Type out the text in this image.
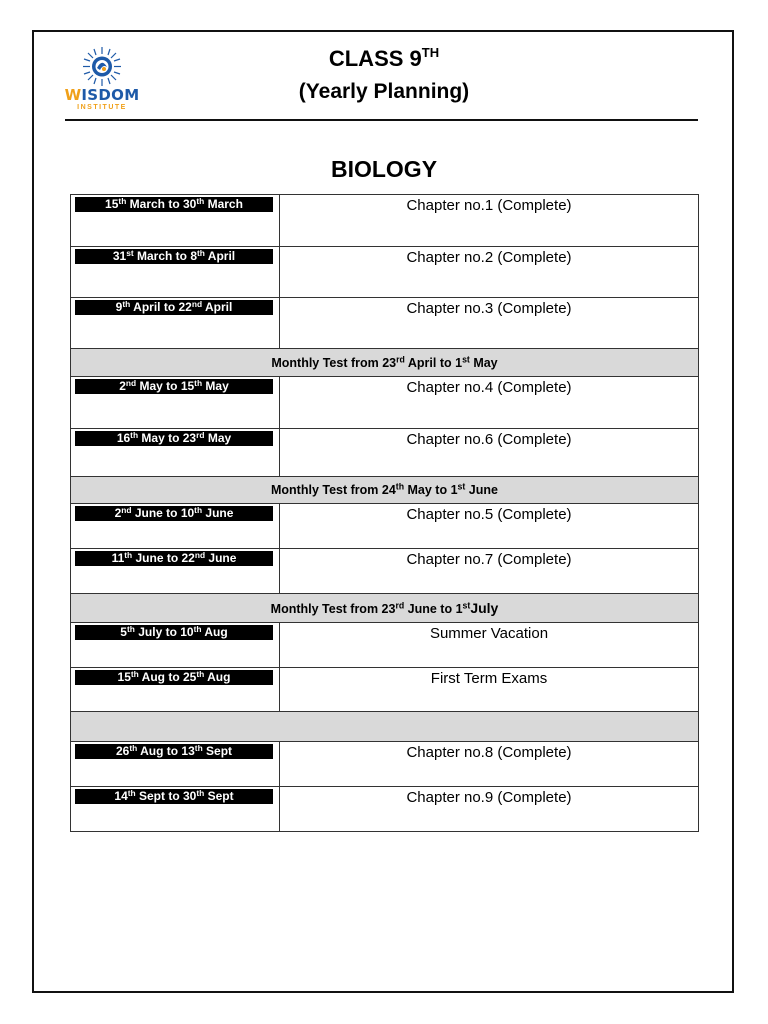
WISDOM
INSTITUTE
CLASS 9TH
(Yearly Planning)
BIOLOGY
15th March to 30th March	Chapter no.1 (Complete)
31st March to 8th April	Chapter no.2 (Complete)
9th April to 22nd April	Chapter no.3 (Complete)
Monthly Test from 23rd April to 1st May
2nd May to 15th May	Chapter no.4 (Complete)
16th May to 23rd May	Chapter no.6 (Complete)
Monthly Test from 24th May to 1st June
2nd June to 10th June	Chapter no.5 (Complete)
11th June to 22nd June	Chapter no.7 (Complete)
Monthly Test from 23rd June to 1stJuly
5th July to 10th Aug	Summer Vacation
15th Aug to 25th Aug	First Term Exams
26th Aug to 13th Sept	Chapter no.8 (Complete)
14th Sept to 30th Sept	Chapter no.9 (Complete)
